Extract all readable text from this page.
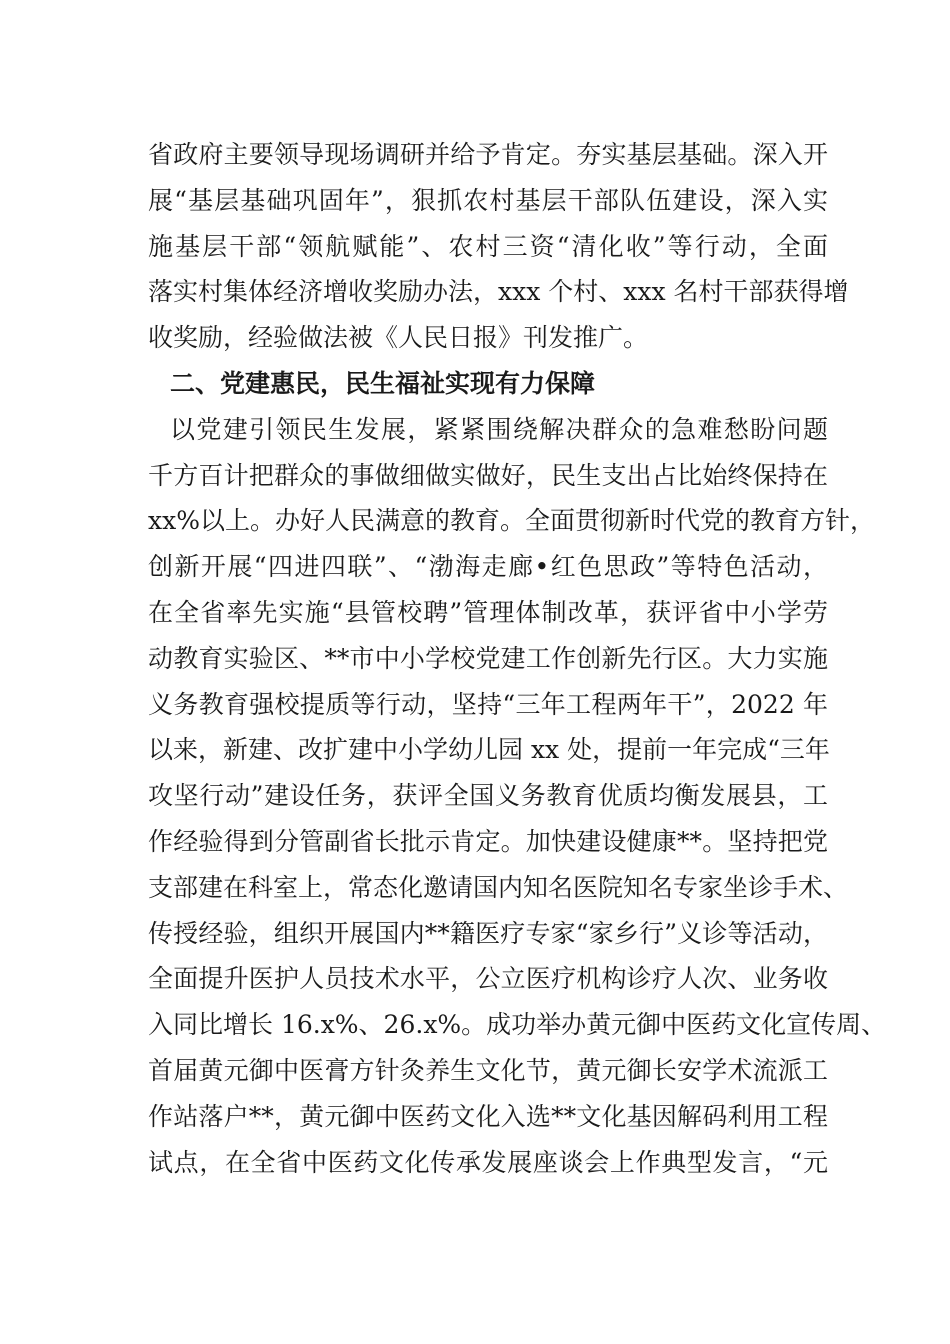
省政府主要领导现场调研并给予肯定。夯实基层基础。深入开
展“基层基础巩固年”，狠抓农村基层干部队伍建设，深入实
施基层干部“领航赋能”、农村三资“清化收”等行动，全面
落实村集体经济增收奖励办法，xxx 个村、xxx 名村干部获得增
收奖励，经验做法被《人民日报》刊发推广。
二、党建惠民，民生福祉实现有力保障
以党建引领民生发展，紧紧围绕解决群众的急难愁盼问题
千方百计把群众的事做细做实做好，民生支出占比始终保持在
xx%以上。办好人民满意的教育。全面贯彻新时代党的教育方针，
创新开展“四进四联”、“渤海走廊•红色思政”等特色活动，
在全省率先实施“县管校聘”管理体制改革，获评省中小学劳
动教育实验区、**市中小学校党建工作创新先行区。大力实施
义务教育强校提质等行动，坚持“三年工程两年干”，2022 年
以来，新建、改扩建中小学幼儿园 xx 处，提前一年完成“三年
攻坚行动”建设任务，获评全国义务教育优质均衡发展县，工
作经验得到分管副省长批示肯定。加快建设健康**。坚持把党
支部建在科室上，常态化邀请国内知名医院知名专家坐诊手术、
传授经验，组织开展国内**籍医疗专家“家乡行”义诊等活动，
全面提升医护人员技术水平，公立医疗机构诊疗人次、业务收
入同比增长 16.x%、26.x%。成功举办黄元御中医药文化宣传周、
首届黄元御中医膏方针灸养生文化节，黄元御长安学术流派工
作站落户**，黄元御中医药文化入选**文化基因解码利用工程
试点，在全省中医药文化传承发展座谈会上作典型发言，“元
